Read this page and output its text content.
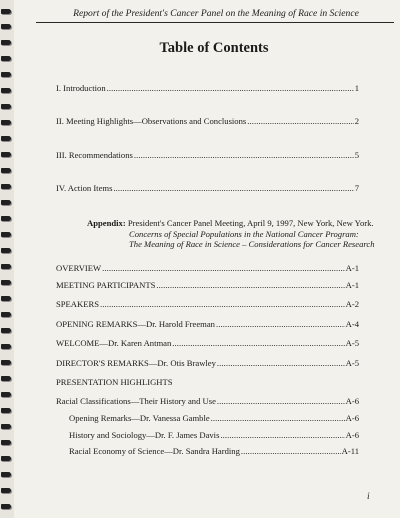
Report of the President's Cancer Panel on the Meaning of Race in Science
Table of Contents
I. Introduction .....	1
II. Meeting Highlights—Observations and Conclusions .....	2
III. Recommendations .....	5
IV. Action Items .....	7
Appendix: President's Cancer Panel Meeting, April 9, 1997, New York, New York.
Concerns of Special Populations in the National Cancer Program:
The Meaning of Race in Science – Considerations for Cancer Research
OVERVIEW .....	A-1
MEETING PARTICIPANTS .....	A-1
SPEAKERS .....	A-2
OPENING REMARKS—Dr. Harold Freeman .....	A-4
WELCOME—Dr. Karen Antman .....	A-5
DIRECTOR'S REMARKS—Dr. Otis Brawley .....	A-5
PRESENTATION HIGHLIGHTS
Racial Classifications—Their History and Use .....	A-6
Opening Remarks—Dr. Vanessa Gamble .....	A-6
History and Sociology—Dr. F. James Davis .....	A-6
Racial Economy of Science—Dr. Sandra Harding .....	A-11
i
